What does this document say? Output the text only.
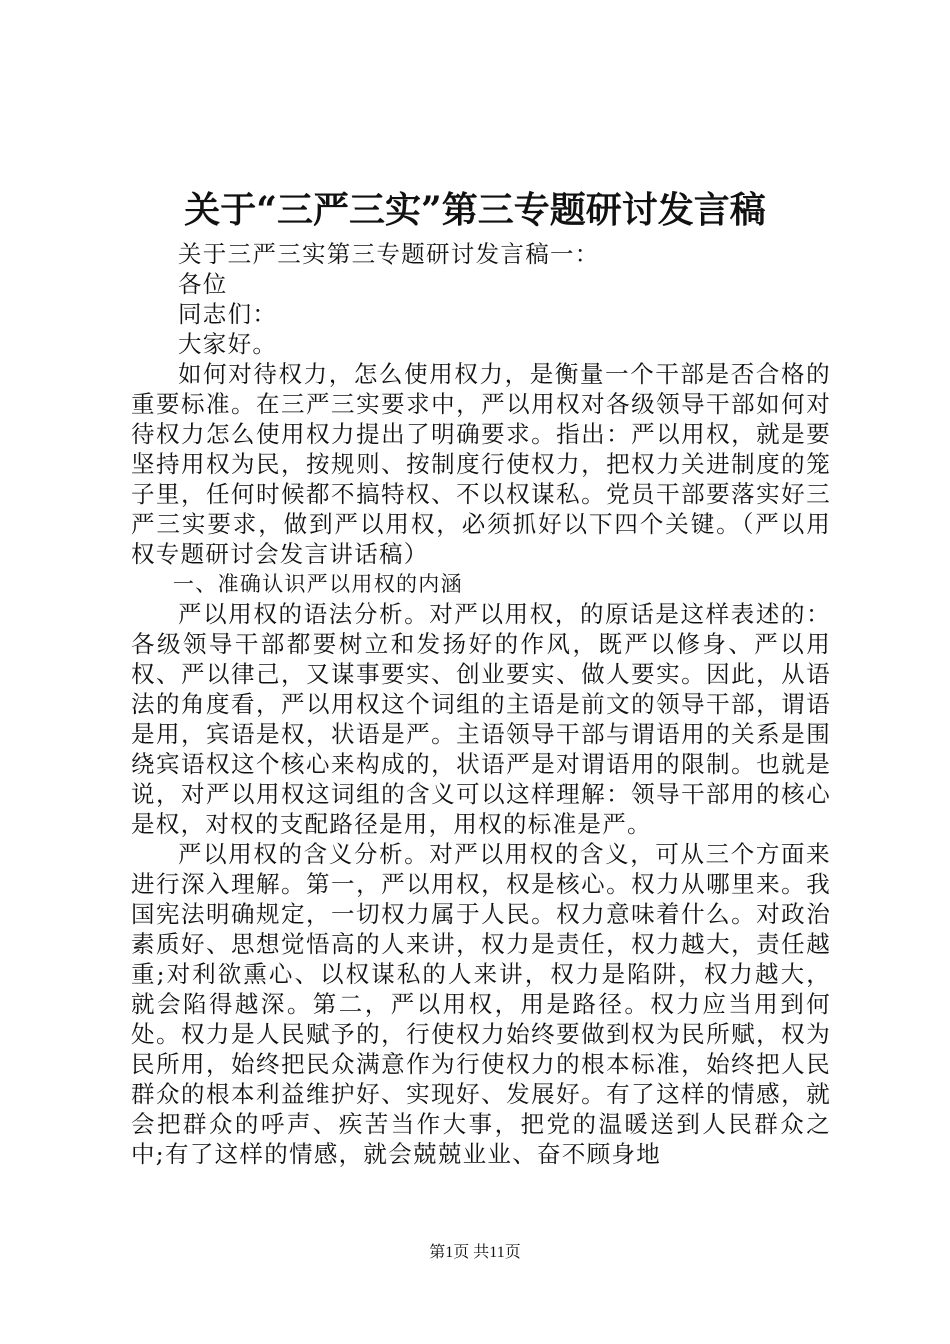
关于“三严三实”第三专题研讨发言稿

关于三严三实第三专题研讨发言稿一：

各位

同志们：

大家好。

如何对待权力，怎么使用权力，是衡量一个干部是否合格的重要标准。在三严三实要求中，严以用权对各级领导干部如何对待权力怎么使用权力提出了明确要求。指出：严以用权，就是要坚持用权为民，按规则、按制度行使权力，把权力关进制度的笼子里，任何时候都不搞特权、不以权谋私。党员干部要落实好三严三实要求，做到严以用权，必须抓好以下四个关键。（严以用权专题研讨会发言讲话稿）

一、准确认识严以用权的内涵

严以用权的语法分析。对严以用权，的原话是这样表述的：各级领导干部都要树立和发扬好的作风，既严以修身、严以用权、严以律己，又谋事要实、创业要实、做人要实。因此，从语法的角度看，严以用权这个词组的主语是前文的领导干部，谓语是用，宾语是权，状语是严。主语领导干部与谓语用的关系是围绕宾语权这个核心来构成的，状语严是对谓语用的限制。也就是说，对严以用权这词组的含义可以这样理解：领导干部用的核心是权，对权的支配路径是用，用权的标准是严。

严以用权的含义分析。对严以用权的含义，可从三个方面来进行深入理解。第一，严以用权，权是核心。权力从哪里来。我国宪法明确规定，一切权力属于人民。权力意味着什么。对政治素质好、思想觉悟高的人来讲，权力是责任，权力越大，责任越重;对利欲熏心、以权谋私的人来讲，权力是陷阱，权力越大，就会陷得越深。第二，严以用权，用是路径。权力应当用到何处。权力是人民赋予的，行使权力始终要做到权为民所赋，权为民所用，始终把民众满意作为行使权力的根本标准，始终把人民群众的根本利益维护好、实现好、发展好。有了这样的情感，就会把群众的呼声、疾苦当作大事，把党的温暖送到人民群众之中;有了这样的情感，就会兢兢业业、奋不顾身地

第1页 共11页
